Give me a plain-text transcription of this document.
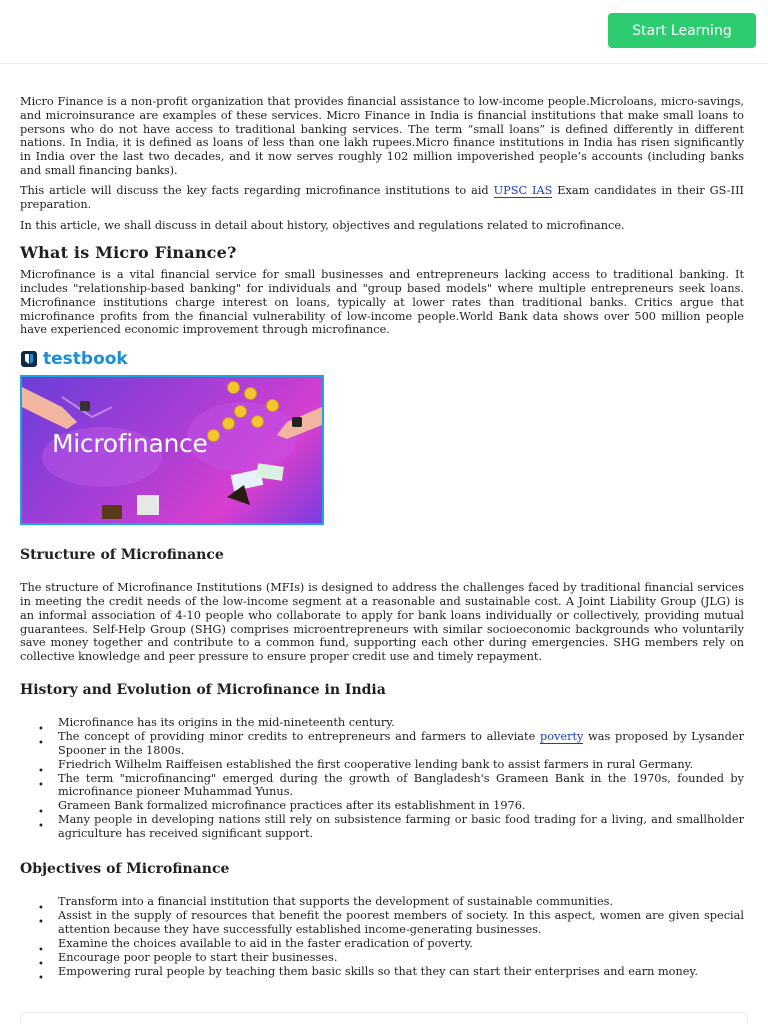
Start Learning

Micro Finance is a non-profit organization that provides financial assistance to low-income people.Microloans, micro-savings, and microinsurance are examples of these services. Micro Finance in India is financial institutions that make small loans to persons who do not have access to traditional banking services. The term “small loans” is defined differently in different nations. In India, it is defined as loans of less than one lakh rupees.Micro finance institutions in India has risen significantly in India over the last two decades, and it now serves roughly 102 million impoverished people’s accounts (including banks and small financing banks).

This article will discuss the key facts regarding microfinance institutions to aid UPSC IAS Exam candidates in their GS-III preparation.

In this article, we shall discuss in detail about history, objectives and regulations related to microfinance.

What is Micro Finance?

Microfinance is a vital financial service for small businesses and entrepreneurs lacking access to traditional banking. It includes "relationship-based banking" for individuals and "group based models" where multiple entrepreneurs seek loans. Microfinance institutions charge interest on loans, typically at lower rates than traditional banks. Critics argue that microfinance profits from the financial vulnerability of low-income people.World Bank data shows over 500 million people have experienced economic improvement through microfinance.

testbook
Microfinance
Structure of Microfinance

The structure of Microfinance Institutions (MFIs) is designed to address the challenges faced by traditional financial services in meeting the credit needs of the low-income segment at a reasonable and sustainable cost. A Joint Liability Group (JLG) is an informal association of 4-10 people who collaborate to apply for bank loans individually or collectively, providing mutual guarantees. Self-Help Group (SHG) comprises microentrepreneurs with similar socioeconomic backgrounds who voluntarily save money together and contribute to a common fund, supporting each other during emergencies. SHG members rely on collective knowledge and peer pressure to ensure proper credit use and timely repayment.

History and Evolution of Microfinance in India
• Microfinance has its origins in the mid-nineteenth century.
• The concept of providing minor credits to entrepreneurs and farmers to alleviate poverty was proposed by Lysander Spooner in the 1800s.
• Friedrich Wilhelm Raiffeisen established the first cooperative lending bank to assist farmers in rural Germany.
• The term "microfinancing" emerged during the growth of Bangladesh's Grameen Bank in the 1970s, founded by microfinance pioneer Muhammad Yunus.
• Grameen Bank formalized microfinance practices after its establishment in 1976.
• Many people in developing nations still rely on subsistence farming or basic food trading for a living, and smallholder agriculture has received significant support.
Objectives of Microfinance
• Transform into a financial institution that supports the development of sustainable communities.
• Assist in the supply of resources that benefit the poorest members of society. In this aspect, women are given special attention because they have successfully established income-generating businesses.
• Examine the choices available to aid in the faster eradication of poverty.
• Encourage poor people to start their businesses.
• Empowering rural people by teaching them basic skills so that they can start their enterprises and earn money.
